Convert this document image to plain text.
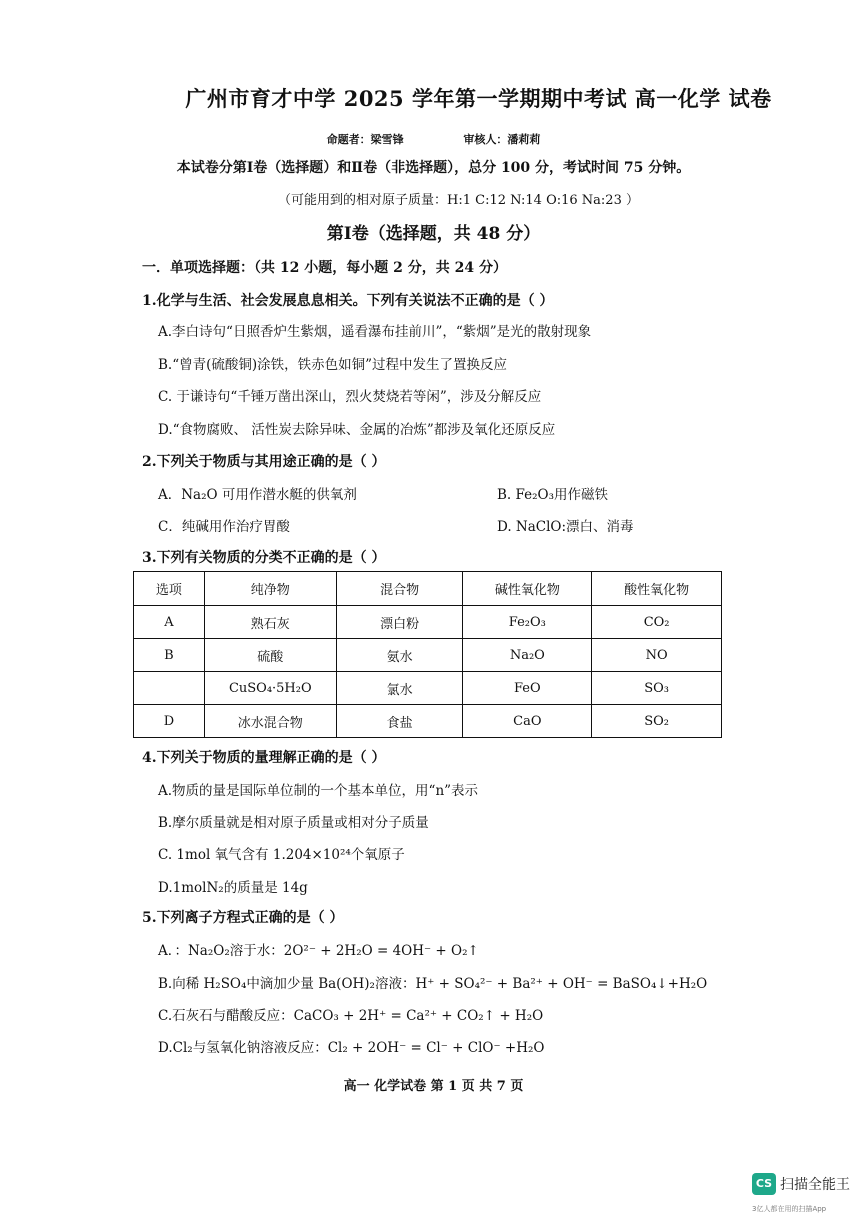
广州市育才中学 2025 学年第一学期期中考试 高一化学 试卷
命题者：梁雪锋	审核人：潘莉莉
本试卷分第Ⅰ卷（选择题）和Ⅱ卷（非选择题），总分 100 分，考试时间 75 分钟。
（可能用到的相对原子质量：H:1 C:12 N:14 O:16 Na:23 ）
第Ⅰ卷（选择题，共 48 分）
一．单项选择题：（共 12 小题，每小题 2 分，共 24 分）
1.化学与生活、社会发展息息相关。下列有关说法不正确的是（ ）
A.李白诗句“日照香炉生紫烟，遥看瀑布挂前川”，“紫烟”是光的散射现象
B.“曾青(硫酸铜)涂铁，铁赤色如铜”过程中发生了置换反应
C. 于谦诗句“千锤万凿出深山，烈火焚烧若等闲”，涉及分解反应
D.“食物腐败、 活性炭去除异味、金属的冶炼”都涉及氧化还原反应
2.下列关于物质与其用途正确的是（ ）
A．Na₂O 可用作潜水艇的供氧剂	B. Fe₂O₃用作磁铁
C．纯碱用作治疗胃酸	D. NaClO:漂白、消毒
3.下列有关物质的分类不正确的是（ ）
选项	纯净物	混合物	碱性氧化物	酸性氧化物
A	熟石灰	漂白粉	Fe₂O₃	CO₂
B	硫酸	氨水	Na₂O	NO
	CuSO₄·5H₂O	氯水	FeO	SO₃
D	冰水混合物	食盐	CaO	SO₂
4.下列关于物质的量理解正确的是（ ）
A.物质的量是国际单位制的一个基本单位，用“n”表示
B.摩尔质量就是相对原子质量或相对分子质量
C. 1mol 氧气含有 1.204×10²⁴个氧原子
D.1molN₂的质量是 14g
5.下列离子方程式正确的是（ ）
A．：Na₂O₂溶于水：2O²⁻ + 2H₂O = 4OH⁻ + O₂↑
B.向稀 H₂SO₄中滴加少量 Ba(OH)₂溶液：H⁺ + SO₄²⁻ + Ba²⁺ + OH⁻ = BaSO₄↓+H₂O
C.石灰石与醋酸反应：CaCO₃ + 2H⁺ = Ca²⁺ + CO₂↑ + H₂O
D.Cl₂与氢氧化钠溶液反应：Cl₂ + 2OH⁻ = Cl⁻ + ClO⁻ +H₂O
高一 化学试卷 第 1 页 共 7 页
CS 扫描全能王
3亿人都在用的扫描App
